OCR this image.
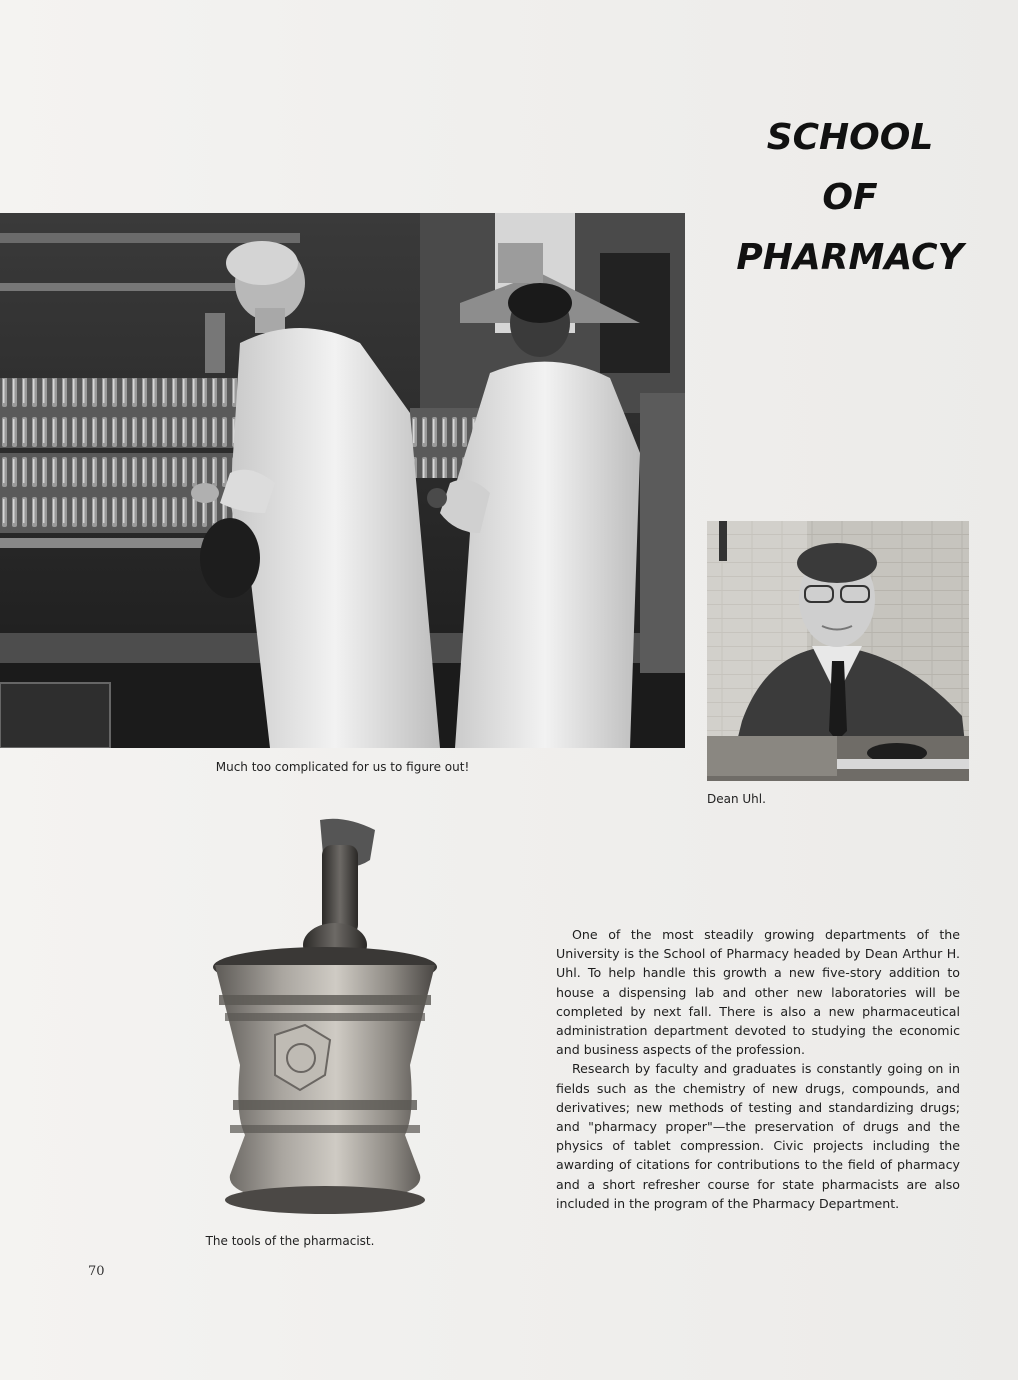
SCHOOL
OF
PHARMACY
Much too complicated for us to figure out!
Dean Uhl.
The tools of the pharmacist.

One of the most steadily growing departments of the University is the School of Pharmacy headed by Dean Arthur H. Uhl. To help handle this growth a new five-story addition to house a dispensing lab and other new laboratories will be completed by next fall. There is also a new pharmaceutical administration department devoted to studying the economic and business aspects of the profession.

Research by faculty and graduates is constantly going on in fields such as the chemistry of new drugs, compounds, and derivatives; new methods of testing and standardizing drugs; and "pharmacy proper"—the preservation of drugs and the physics of tablet compression. Civic projects including the awarding of citations for contributions to the field of pharmacy and a short refresher course for state pharmacists are also included in the program of the Pharmacy Department.

70
